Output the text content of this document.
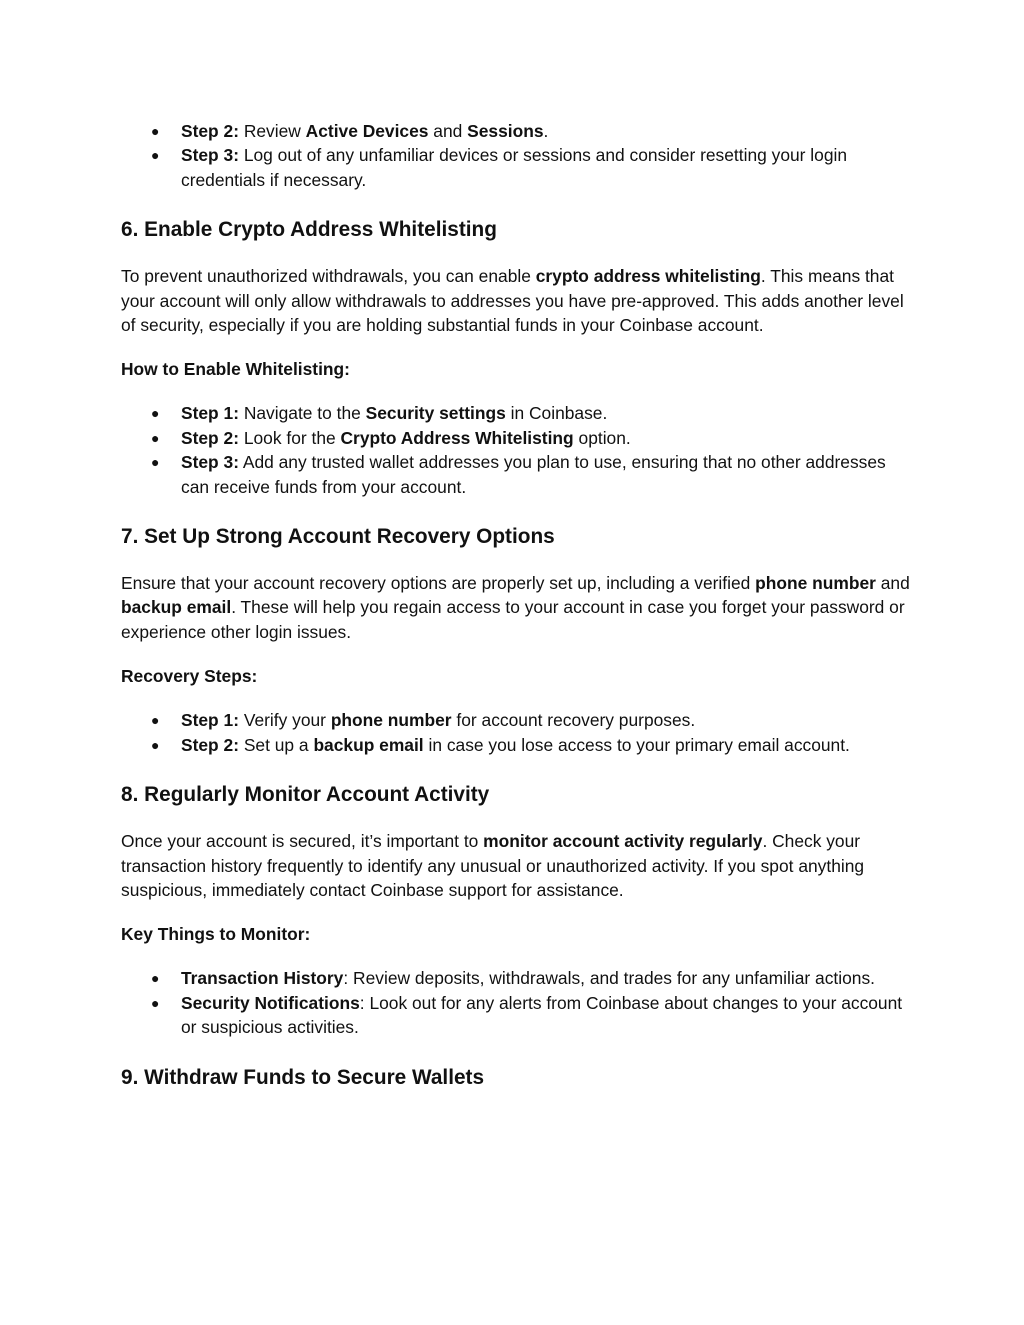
● Step 2: Review Active Devices and Sessions.
● Step 3: Log out of any unfamiliar devices or sessions and consider resetting your login credentials if necessary.
6. Enable Crypto Address Whitelisting

To prevent unauthorized withdrawals, you can enable crypto address whitelisting. This means that your account will only allow withdrawals to addresses you have pre-approved. This adds another level of security, especially if you are holding substantial funds in your Coinbase account.

How to Enable Whitelisting:
● Step 1: Navigate to the Security settings in Coinbase.
● Step 2: Look for the Crypto Address Whitelisting option.
● Step 3: Add any trusted wallet addresses you plan to use, ensuring that no other addresses can receive funds from your account.
7. Set Up Strong Account Recovery Options

Ensure that your account recovery options are properly set up, including a verified phone number and backup email. These will help you regain access to your account in case you forget your password or experience other login issues.

Recovery Steps:
● Step 1: Verify your phone number for account recovery purposes.
● Step 2: Set up a backup email in case you lose access to your primary email account.
8. Regularly Monitor Account Activity

Once your account is secured, it’s important to monitor account activity regularly. Check your transaction history frequently to identify any unusual or unauthorized activity. If you spot anything suspicious, immediately contact Coinbase support for assistance.

Key Things to Monitor:
● Transaction History: Review deposits, withdrawals, and trades for any unfamiliar actions.
● Security Notifications: Look out for any alerts from Coinbase about changes to your account or suspicious activities.
9. Withdraw Funds to Secure Wallets
